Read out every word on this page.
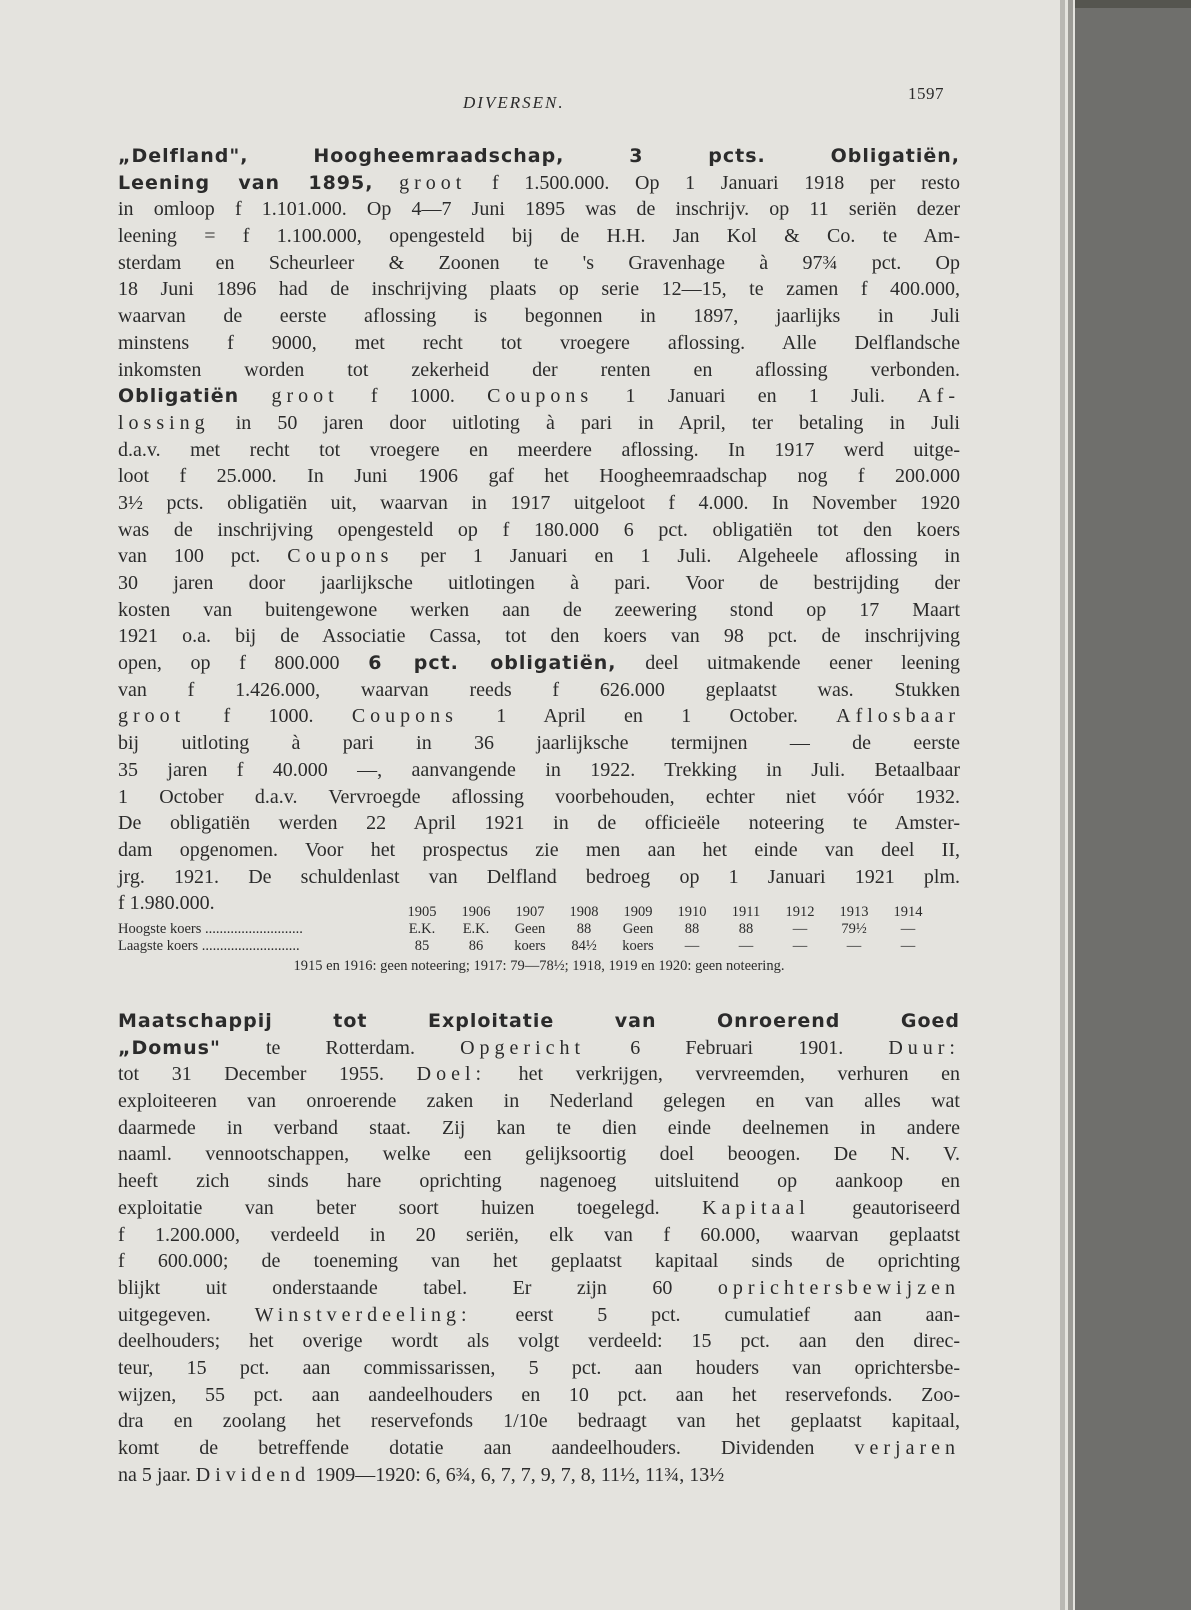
DIVERSEN.	1597
„Delfland", Hoogheemraadschap, 3 pcts. Obligatiën,
Leening van 1895, groot f 1.500.000. Op 1 Januari 1918 per resto
in omloop f 1.101.000. Op 4—7 Juni 1895 was de inschrijv. op 11 seriën dezer
leening = f 1.100.000, opengesteld bij de H.H. Jan Kol & Co. te Am-
sterdam en Scheurleer & Zoonen te 's Gravenhage à 97¾ pct. Op
18 Juni 1896 had de inschrijving plaats op serie 12—15, te zamen f 400.000,
waarvan de eerste aflossing is begonnen in 1897, jaarlijks in Juli
minstens f 9000, met recht tot vroegere aflossing. Alle Delflandsche
inkomsten worden tot zekerheid der renten en aflossing verbonden.
Obligatiën groot f 1000. Coupons 1 Januari en 1 Juli. Af-
lossing in 50 jaren door uitloting à pari in April, ter betaling in Juli
d.a.v. met recht tot vroegere en meerdere aflossing. In 1917 werd uitge-
loot f 25.000. In Juni 1906 gaf het Hoogheemraadschap nog f 200.000
3½ pcts. obligatiën uit, waarvan in 1917 uitgeloot f 4.000. In November 1920
was de inschrijving opengesteld op f 180.000 6 pct. obligatiën tot den koers
van 100 pct. Coupons per 1 Januari en 1 Juli. Algeheele aflossing in
30 jaren door jaarlijksche uitlotingen à pari. Voor de bestrijding der
kosten van buitengewone werken aan de zeewering stond op 17 Maart
1921 o.a. bij de Associatie Cassa, tot den koers van 98 pct. de inschrijving
open, op f 800.000 6 pct. obligatiën, deel uitmakende eener leening
van f 1.426.000, waarvan reeds f 626.000 geplaatst was. Stukken
groot f 1000. Coupons 1 April en 1 October. Aflosbaar
bij uitloting à pari in 36 jaarlijksche termijnen — de eerste
35 jaren f 40.000 —, aanvangende in 1922. Trekking in Juli. Betaalbaar
1 October d.a.v. Vervroegde aflossing voorbehouden, echter niet vóór 1932.
De obligatiën werden 22 April 1921 in de officieële noteering te Amster-
dam opgenomen. Voor het prospectus zie men aan het einde van deel II,
jrg. 1921. De schuldenlast van Delfland bedroeg op 1 Januari 1921 plm.
f 1.980.000.	1905	1906	1907	1908	1909	1910	1911	1912	1913	1914
Hoogste koers ...........................	E.K.	E.K.	Geen	88	Geen	88	88	—	79½	—
Laagste koers ...........................	85	86	koers	84½	koers	—	—	—	—	—
1915 en 1916: geen noteering; 1917: 79—78½; 1918, 1919 en 1920: geen noteering.
Maatschappij tot Exploitatie van Onroerend Goed
„Domus" te Rotterdam. Opgericht 6 Februari 1901. Duur:
tot 31 December 1955. Doel: het verkrijgen, vervreemden, verhuren en
exploiteeren van onroerende zaken in Nederland gelegen en van alles wat
daarmede in verband staat. Zij kan te dien einde deelnemen in andere
naaml. vennootschappen, welke een gelijksoortig doel beoogen. De N. V.
heeft zich sinds hare oprichting nagenoeg uitsluitend op aankoop en
exploitatie van beter soort huizen toegelegd. Kapitaal geautoriseerd
f 1.200.000, verdeeld in 20 seriën, elk van f 60.000, waarvan geplaatst
f 600.000; de toeneming van het geplaatst kapitaal sinds de oprichting
blijkt uit onderstaande tabel. Er zijn 60 oprichtersbewijzen
uitgegeven. Winstverdeeling: eerst 5 pct. cumulatief aan aan-
deelhouders; het overige wordt als volgt verdeeld: 15 pct. aan den direc-
teur, 15 pct. aan commissarissen, 5 pct. aan houders van oprichtersbe-
wijzen, 55 pct. aan aandeelhouders en 10 pct. aan het reservefonds. Zoo-
dra en zoolang het reservefonds 1/10e bedraagt van het geplaatst kapitaal,
komt de betreffende dotatie aan aandeelhouders. Dividenden verjaren
na 5 jaar. Dividend 1909—1920: 6, 6¾, 6, 7, 7, 9, 7, 8, 11½, 11¾, 13½
